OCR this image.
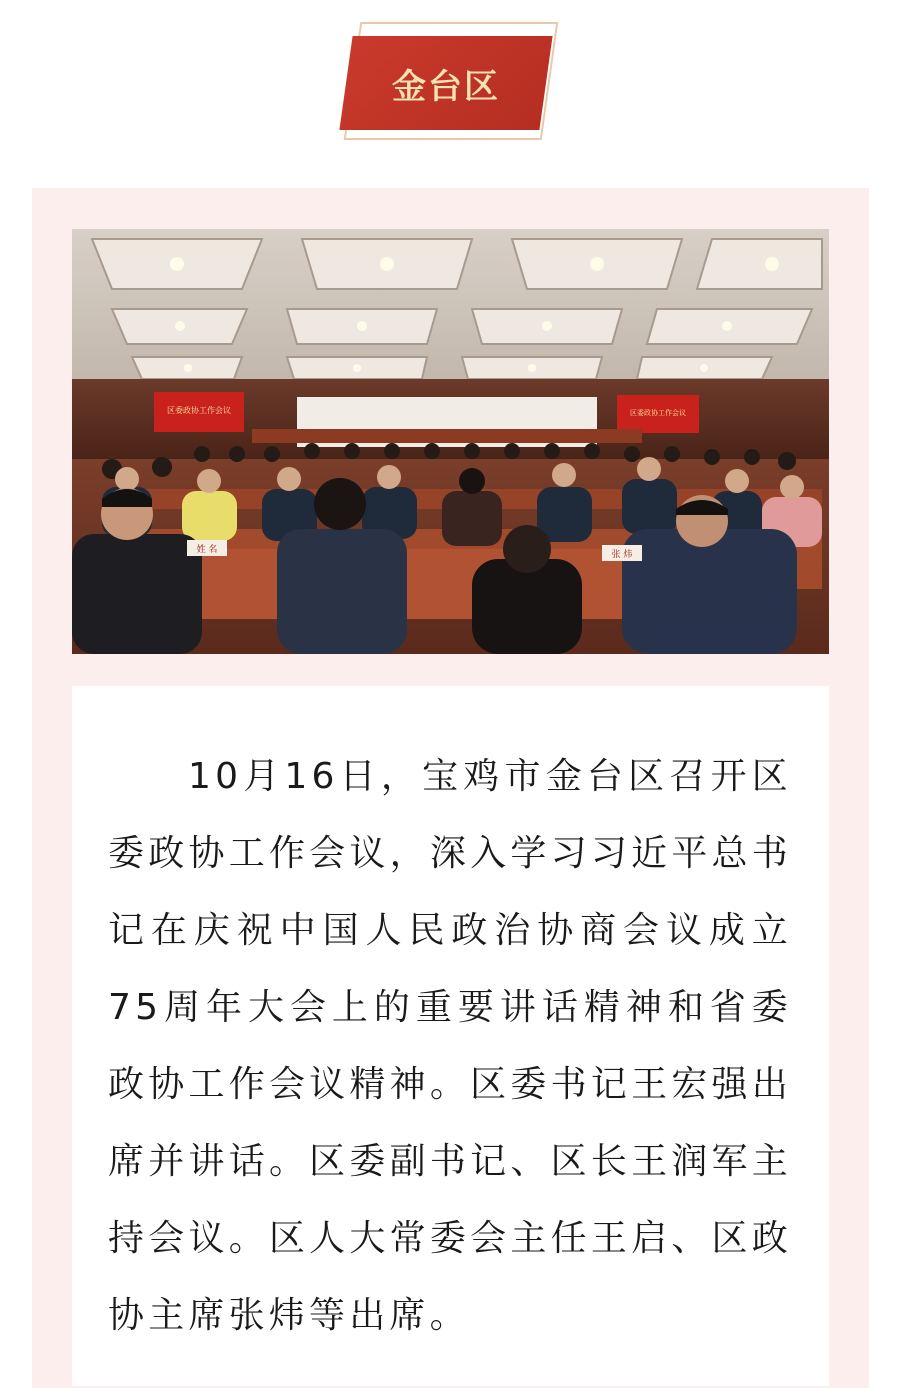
金台区
区委政协工作会议	区委政协工作会议
姓 名	张 炜

10月16日，宝鸡市金台区召开区委政协工作会议，深入学习习近平总书记在庆祝中国人民政治协商会议成立75周年大会上的重要讲话精神和省委政协工作会议精神。区委书记王宏强出席并讲话。区委副书记、区长王润军主持会议。区人大常委会主任王启、区政协主席张炜等出席。
